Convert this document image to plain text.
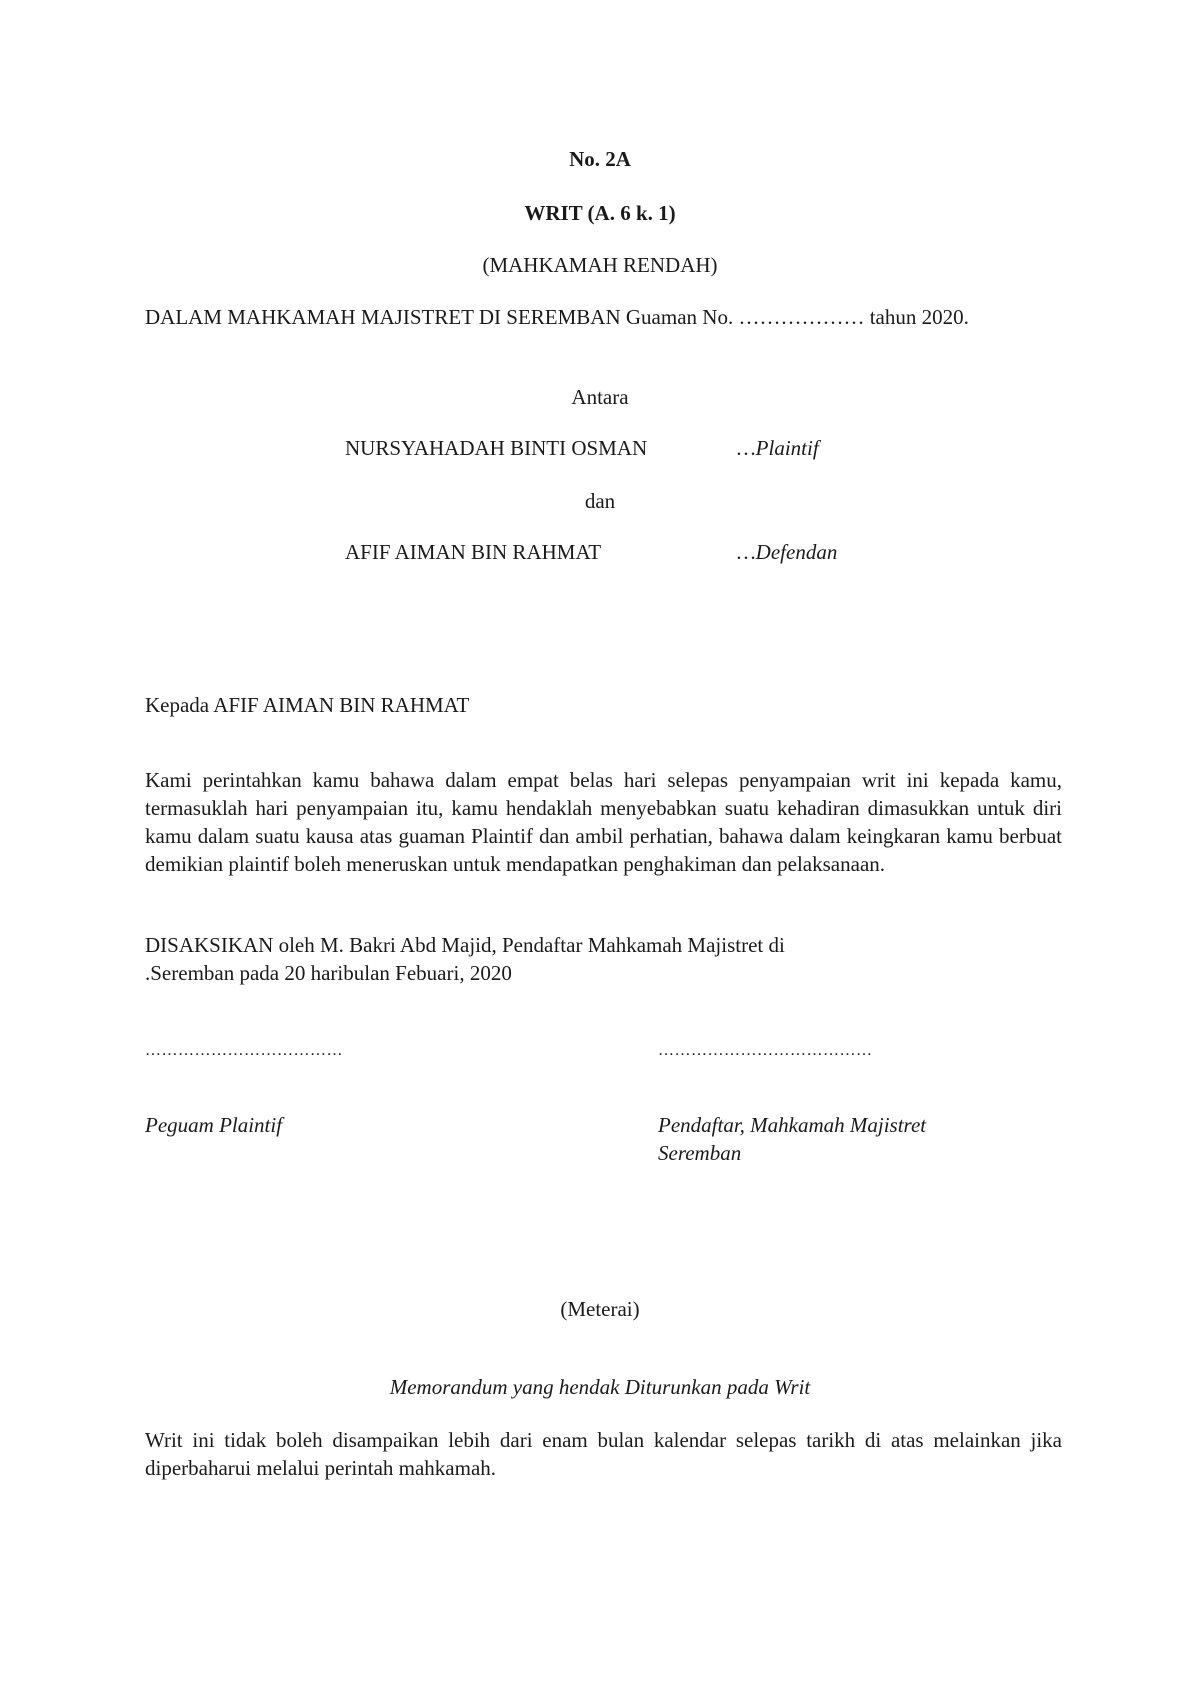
No. 2A

WRIT (A. 6 k. 1)

(MAHKAMAH RENDAH)

DALAM MAHKAMAH MAJISTRET DI SEREMBAN Guaman No. ……………… tahun 2020.

Antara

NURSYAHADAH BINTI OSMAN	…Plaintif

dan

AFIF AIMAN BIN RAHMAT	…Defendan

Kepada AFIF AIMAN BIN RAHMAT

Kami perintahkan kamu bahawa dalam empat belas hari selepas penyampaian writ ini kepada kamu, termasuklah hari penyampaian itu, kamu hendaklah menyebabkan suatu kehadiran dimasukkan untuk diri kamu dalam suatu kausa atas guaman Plaintif dan ambil perhatian, bahawa dalam keingkaran kamu berbuat demikian plaintif boleh meneruskan untuk mendapatkan penghakiman dan pelaksanaan.

DISAKSIKAN oleh M. Bakri Abd Majid, Pendaftar Mahkamah Majistret di

.Seremban pada 20 haribulan Febuari, 2020

………………………………	…………………………………

Peguam Plaintif	Pendaftar, Mahkamah Majistret

Seremban

(Meterai)

Memorandum yang hendak Diturunkan pada Writ

Writ ini tidak boleh disampaikan lebih dari enam bulan kalendar selepas tarikh di atas melainkan jika diperbaharui melalui perintah mahkamah.
